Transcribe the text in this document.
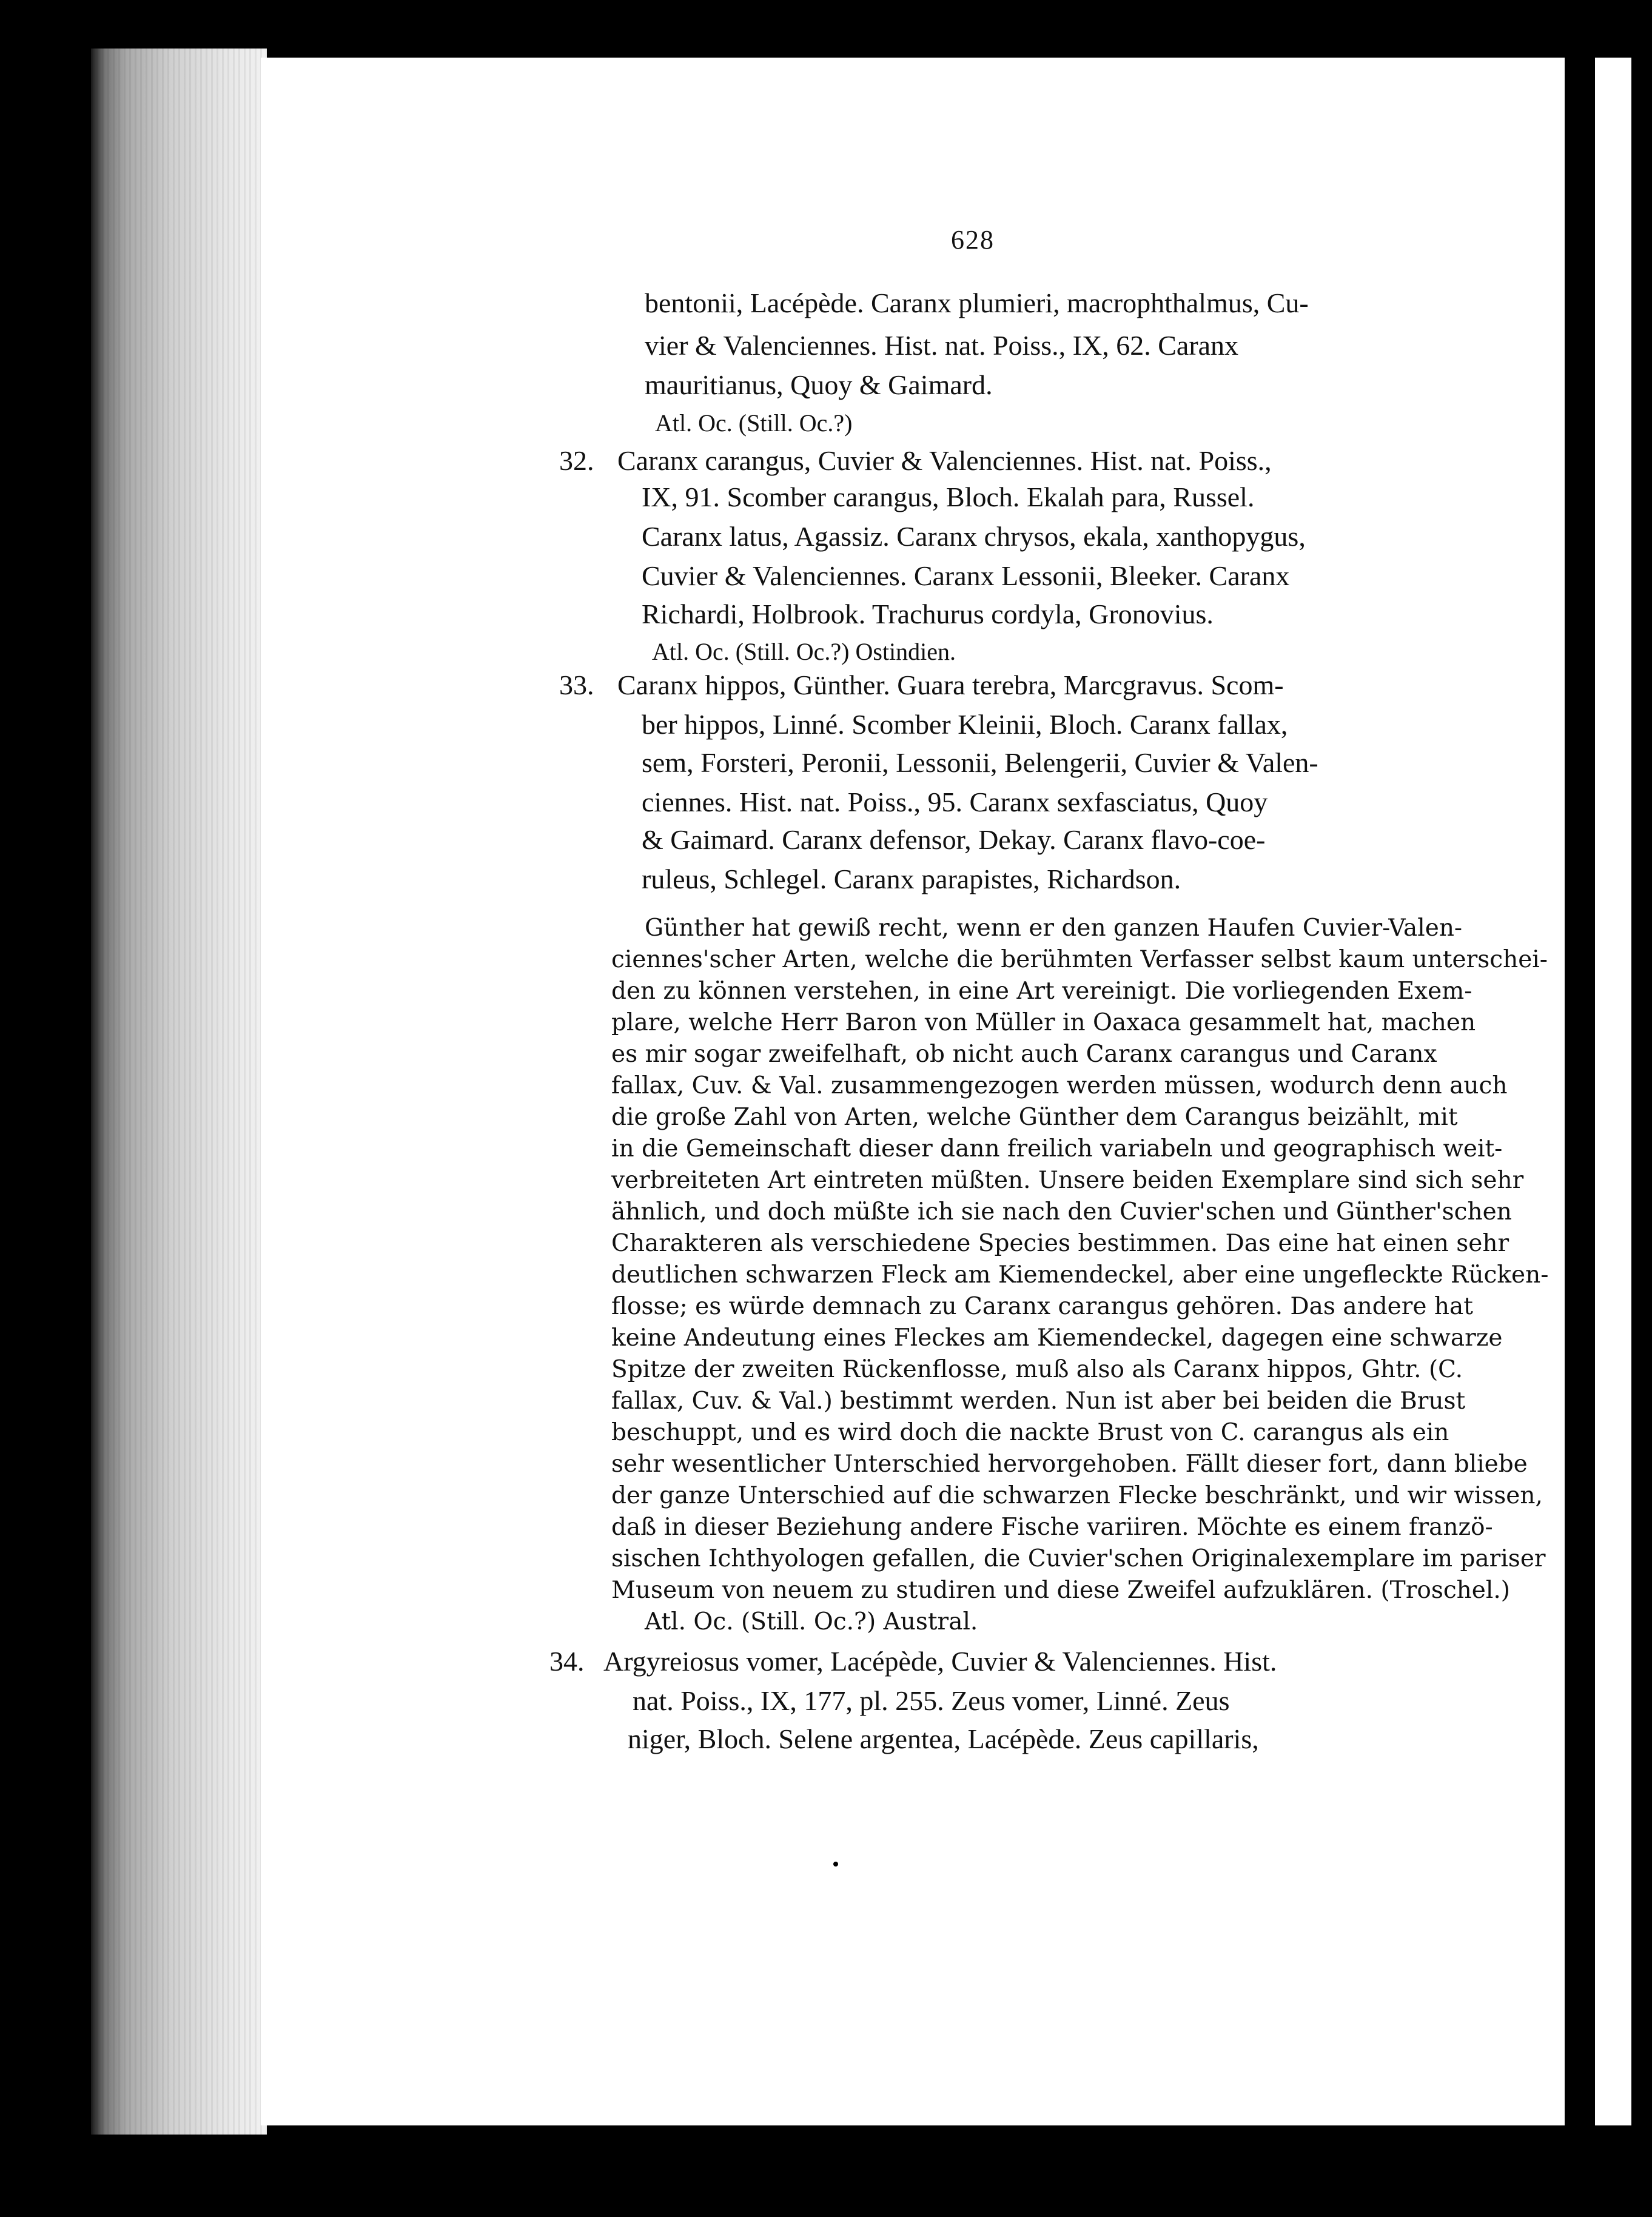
628
bentonii, Lacépède. Caranx plumieri, macrophthalmus, Cu-
vier & Valenciennes. Hist. nat. Poiss., IX, 62. Caranx
mauritianus, Quoy & Gaimard.
Atl. Oc. (Still. Oc.?)
32. Caranx carangus, Cuvier & Valenciennes. Hist. nat. Poiss.,
IX, 91. Scomber carangus, Bloch. Ekalah para, Russel.
Caranx latus, Agassiz. Caranx chrysos, ekala, xanthopygus,
Cuvier & Valenciennes. Caranx Lessonii, Bleeker. Caranx
Richardi, Holbrook. Trachurus cordyla, Gronovius.
Atl. Oc. (Still. Oc.?) Ostindien.
33. Caranx hippos, Günther. Guara terebra, Marcgravus. Scom-
ber hippos, Linné. Scomber Kleinii, Bloch. Caranx fallax,
sem, Forsteri, Peronii, Lessonii, Belengerii, Cuvier & Valen-
ciennes. Hist. nat. Poiss., 95. Caranx sexfasciatus, Quoy
& Gaimard. Caranx defensor, Dekay. Caranx flavo-coe-
ruleus, Schlegel. Caranx parapistes, Richardson.
Günther hat gewiß recht, wenn er den ganzen Haufen Cuvier-Valen-
ciennes'scher Arten, welche die berühmten Verfasser selbst kaum unterschei-
den zu können verstehen, in eine Art vereinigt. Die vorliegenden Exem-
plare, welche Herr Baron von Müller in Oaxaca gesammelt hat, machen
es mir sogar zweifelhaft, ob nicht auch Caranx carangus und Caranx
fallax, Cuv. & Val. zusammengezogen werden müssen, wodurch denn auch
die große Zahl von Arten, welche Günther dem Carangus beizählt, mit
in die Gemeinschaft dieser dann freilich variabeln und geographisch weit-
verbreiteten Art eintreten müßten. Unsere beiden Exemplare sind sich sehr
ähnlich, und doch müßte ich sie nach den Cuvier'schen und Günther'schen
Charakteren als verschiedene Species bestimmen. Das eine hat einen sehr
deutlichen schwarzen Fleck am Kiemendeckel, aber eine ungefleckte Rücken-
flosse; es würde demnach zu Caranx carangus gehören. Das andere hat
keine Andeutung eines Fleckes am Kiemendeckel, dagegen eine schwarze
Spitze der zweiten Rückenflosse, muß also als Caranx hippos, Ghtr. (C.
fallax, Cuv. & Val.) bestimmt werden. Nun ist aber bei beiden die Brust
beschuppt, und es wird doch die nackte Brust von C. carangus als ein
sehr wesentlicher Unterschied hervorgehoben. Fällt dieser fort, dann bliebe
der ganze Unterschied auf die schwarzen Flecke beschränkt, und wir wissen,
daß in dieser Beziehung andere Fische variiren. Möchte es einem franzö-
sischen Ichthyologen gefallen, die Cuvier'schen Originalexemplare im pariser
Museum von neuem zu studiren und diese Zweifel aufzuklären. (Troschel.)
Atl. Oc. (Still. Oc.?) Austral.
34. Argyreiosus vomer, Lacépède, Cuvier & Valenciennes. Hist.
nat. Poiss., IX, 177, pl. 255. Zeus vomer, Linné. Zeus
niger, Bloch. Selene argentea, Lacépède. Zeus capillaris,
